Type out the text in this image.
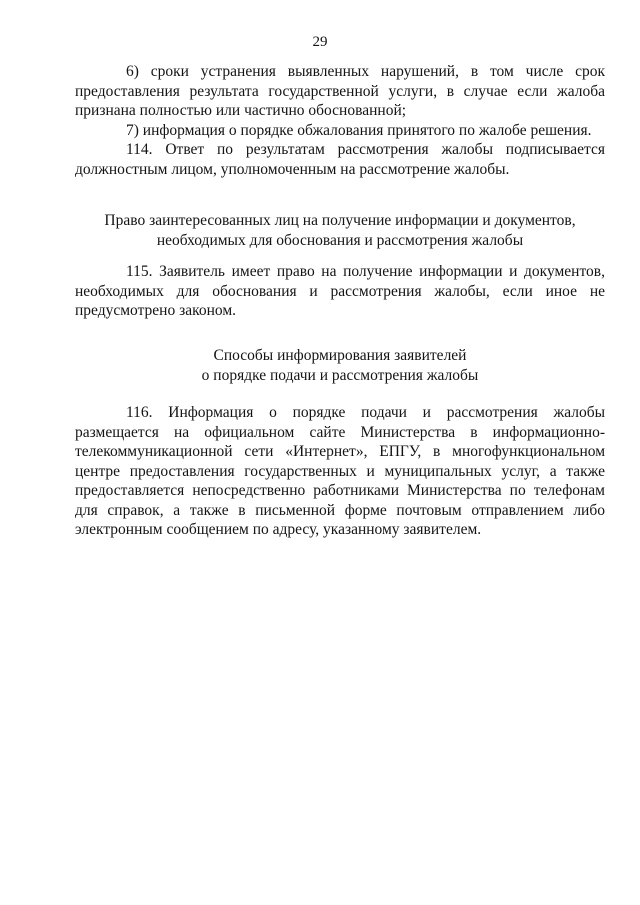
29

6) сроки устранения выявленных нарушений, в том числе срок предоставления результата государственной услуги, в случае если жалоба признана полностью или частично обоснованной;

7) информация о порядке обжалования принятого по жалобе решения.

114. Ответ по результатам рассмотрения жалобы подписывается должностным лицом, уполномоченным на рассмотрение жалобы.

Право заинтересованных лиц на получение информации и документов,
необходимых для обоснования и рассмотрения жалобы

115. Заявитель имеет право на получение информации и документов, необходимых для обоснования и рассмотрения жалобы, если иное не предусмотрено законом.

Способы информирования заявителей
о порядке подачи и рассмотрения жалобы

116. Информация о порядке подачи и рассмотрения жалобы размещается на официальном сайте Министерства в информационно-телекоммуникационной сети «Интернет», ЕПГУ, в многофункциональном центре предоставления государственных и муниципальных услуг, а также предоставляется непосредственно работниками Министерства по телефонам для справок, а также в письменной форме почтовым отправлением либо электронным сообщением по адресу, указанному заявителем.
